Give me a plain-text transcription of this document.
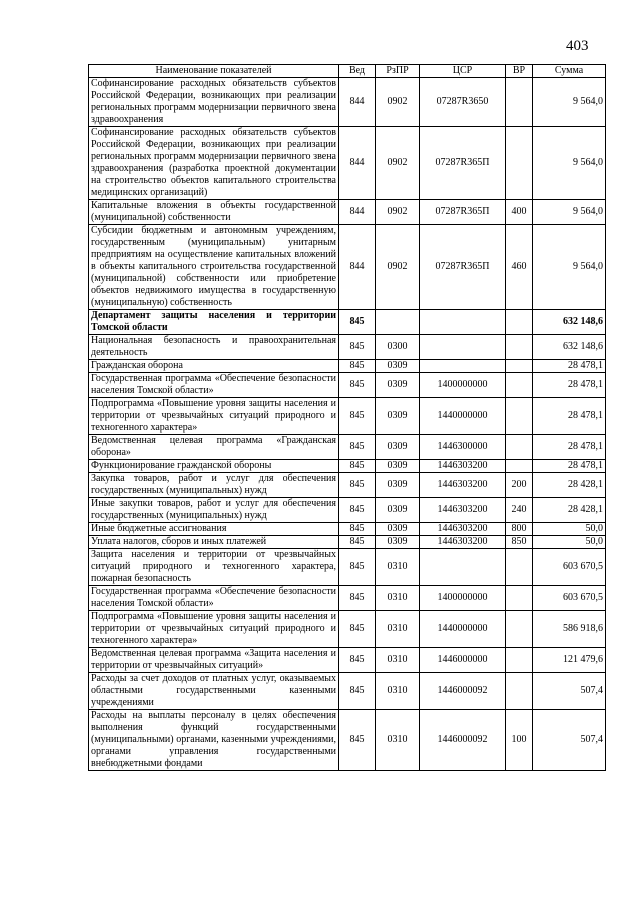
403
Наименование показателей	Вед	РзПР	ЦСР	ВР	Сумма
Софинансирование расходных обязательств субъектов Российской Федерации, возникающих при реализации региональных программ модернизации первичного звена здравоохранения	844	0902	07287R3650		9 564,0
Софинансирование расходных обязательств субъектов Российской Федерации, возникающих при реализации региональных программ модернизации первичного звена здравоохранения (разработка проектной документации на строительство объектов капитального строительства медицинских организаций)	844	0902	07287R365П		9 564,0
Капитальные вложения в объекты государственной (муниципальной) собственности	844	0902	07287R365П	400	9 564,0
Субсидии бюджетным и автономным учреждениям, государственным (муниципальным) унитарным предприятиям на осуществление капитальных вложений в объекты капитального строительства государственной (муниципальной) собственности или приобретение объектов недвижимого имущества в государственную (муниципальную) собственность	844	0902	07287R365П	460	9 564,0
Департамент защиты населения и территории Томской области	845				632 148,6
Национальная безопасность и правоохранительная деятельность	845	0300			632 148,6
Гражданская оборона	845	0309			28 478,1
Государственная программа «Обеспечение безопасности населения Томской области»	845	0309	1400000000		28 478,1
Подпрограмма «Повышение уровня защиты населения и территории от чрезвычайных ситуаций природного и техногенного характера»	845	0309	1440000000		28 478,1
Ведомственная целевая программа «Гражданская оборона»	845	0309	1446300000		28 478,1
Функционирование гражданской обороны	845	0309	1446303200		28 478,1
Закупка товаров, работ и услуг для обеспечения государственных (муниципальных) нужд	845	0309	1446303200	200	28 428,1
Иные закупки товаров, работ и услуг для обеспечения государственных (муниципальных) нужд	845	0309	1446303200	240	28 428,1
Иные бюджетные ассигнования	845	0309	1446303200	800	50,0
Уплата налогов, сборов и иных платежей	845	0309	1446303200	850	50,0
Защита населения и территории от чрезвычайных ситуаций природного и техногенного характера, пожарная безопасность	845	0310			603 670,5
Государственная программа «Обеспечение безопасности населения Томской области»	845	0310	1400000000		603 670,5
Подпрограмма «Повышение уровня защиты населения и территории от чрезвычайных ситуаций природного и техногенного характера»	845	0310	1440000000		586 918,6
Ведомственная целевая программа «Защита населения и территории от чрезвычайных ситуаций»	845	0310	1446000000		121 479,6
Расходы за счет доходов от платных услуг, оказываемых областными государственными казенными учреждениями	845	0310	1446000092		507,4
Расходы на выплаты персоналу в целях обеспечения выполнения функций государственными (муниципальными) органами, казенными учреждениями, органами управления государственными внебюджетными фондами	845	0310	1446000092	100	507,4
